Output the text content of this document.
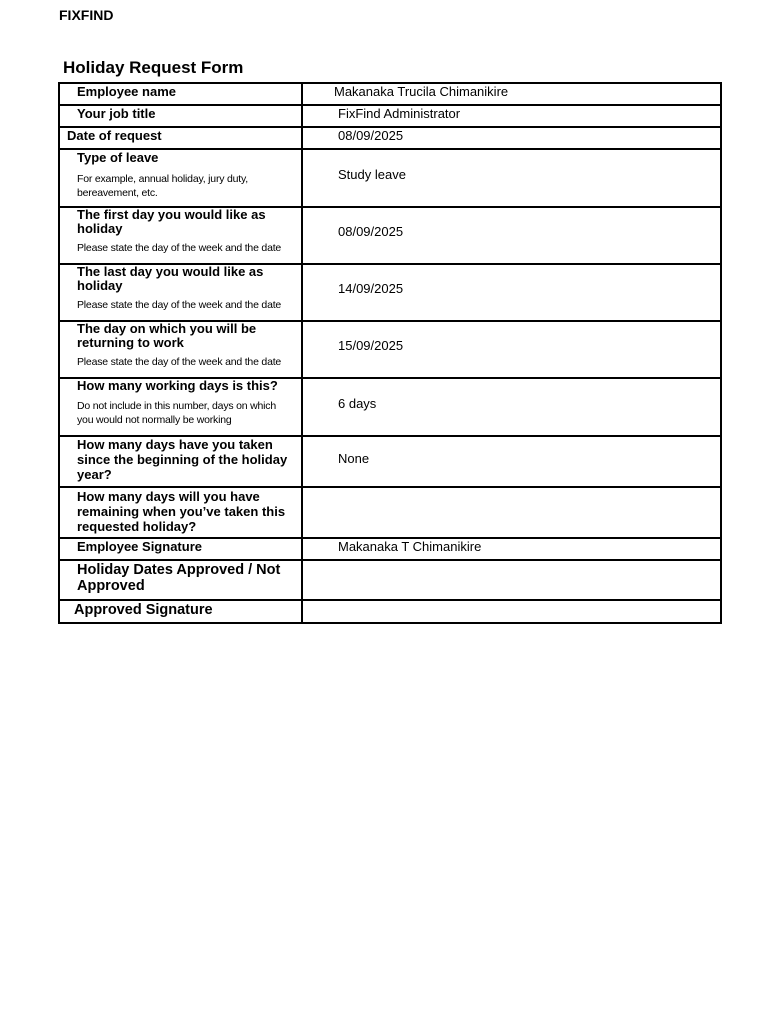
FIXFIND
Holiday Request Form
Employee name	Makanaka Trucila Chimanikire

Your job title	FixFind Administrator

Date of request	08/09/2025

Type of leave
For example, annual holiday, jury duty, bereavement, etc.	Study leave

The first day you would like as holiday
Please state the day of the week and the date	08/09/2025

The last day you would like as holiday
Please state the day of the week and the date	14/09/2025

The day on which you will be returning to work
Please state the day of the week and the date	15/09/2025

How many working days is this?
Do not include in this number, days on which you would not normally be working	6 days

How many days have you taken since the beginning of the holiday year?	None

How many days will you have remaining when you’ve taken this requested holiday?	

Employee Signature	Makanaka T Chimanikire

Holiday Dates Approved / Not Approved	

Approved Signature	
